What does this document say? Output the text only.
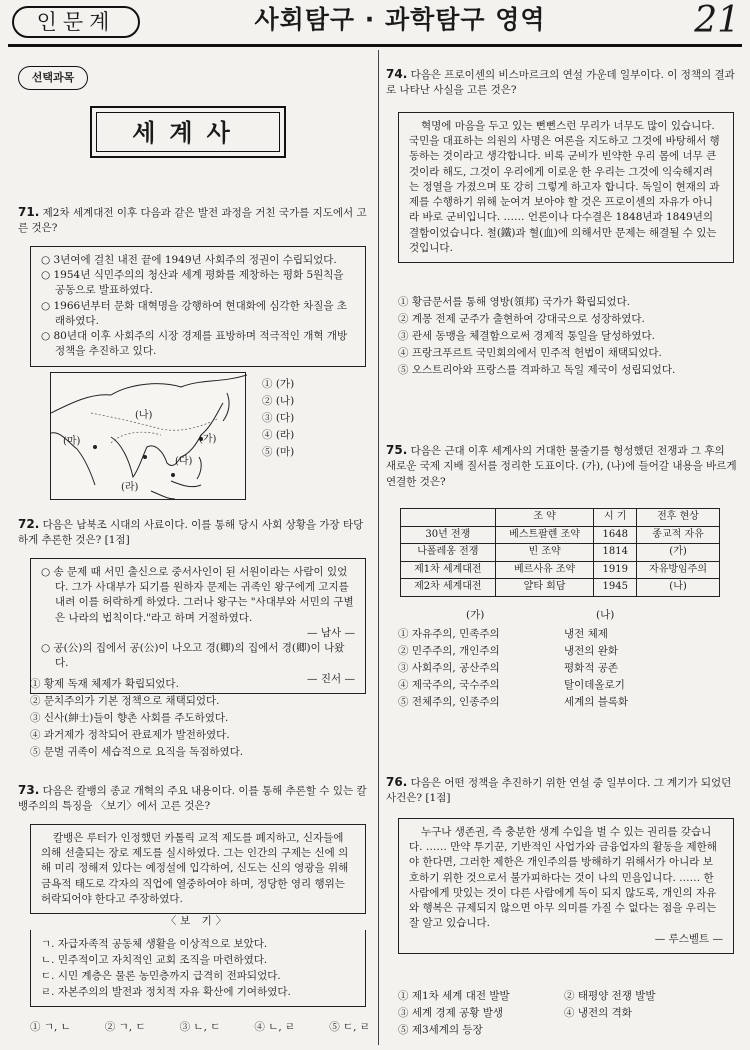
인문계	사회탐구 · 과학탐구 영역	21
선택과목
세계사
71. 제2차 세계대전 이후 다음과 같은 발전 과정을 거친 국가를 지도에서 고른 것은?
○ 3년여에 걸친 내전 끝에 1949년 사회주의 정권이 수립되었다.
○ 1954년 식민주의의 청산과 세계 평화를 제창하는 평화 5원칙을 공동으로 발표하였다.
○ 1966년부터 문화 대혁명을 강행하여 현대화에 심각한 차질을 초래하였다.
○ 80년대 이후 사회주의 시장 경제를 표방하며 적극적인 개혁 개방 정책을 추진하고 있다.
(나)
(가)
(마)
(다)
(라)
① (가)
② (나)
③ (다)
④ (라)
⑤ (마)
72. 다음은 남북조 시대의 사료이다. 이를 통해 당시 사회 상황을 가장 타당하게 추론한 것은? [1점]
○ 송 문제 때 서민 출신으로 중서사인이 된 서원이라는 사람이 있었다. 그가 사대부가 되기를 원하자 문제는 귀족인 왕구에게 고지를 내려 이를 허락하게 하였다. 그러나 왕구는 "사대부와 서민의 구별은 나라의 법칙이다."라고 하며 거절하였다.
— 남사 —
○ 공(公)의 집에서 공(公)이 나오고 경(卿)의 집에서 경(卿)이 나왔다.
— 진서 —
① 황제 독재 체제가 확립되었다.
② 문치주의가 기본 정책으로 채택되었다.
③ 신사(紳士)들이 향촌 사회를 주도하였다.
④ 과거제가 정착되어 관료제가 발전하였다.
⑤ 문벌 귀족이 세습적으로 요직을 독점하였다.
73. 다음은 칼뱅의 종교 개혁의 주요 내용이다. 이를 통해 추론할 수 있는 칼뱅주의의 특징을 〈보기〉에서 고른 것은?
칼뱅은 루터가 인정했던 카톨릭 교적 제도를 폐지하고, 신자들에 의해 선출되는 장로 제도를 실시하였다. 그는 인간의 구제는 신에 의해 미리 정해져 있다는 예정설에 입각하여, 신도는 신의 영광을 위해 금욕적 태도로 각자의 직업에 열중하여야 하며, 정당한 영리 행위는 허락되어야 한다고 주장하였다.
〈보 기〉
ㄱ. 자급자족적 공동체 생활을 이상적으로 보았다.
ㄴ. 민주적이고 자치적인 교회 조직을 마련하였다.
ㄷ. 시민 계층은 물론 농민층까지 급격히 전파되었다.
ㄹ. 자본주의의 발전과 정치적 자유 확산에 기여하였다.
① ㄱ, ㄴ	② ㄱ, ㄷ	③ ㄴ, ㄷ	④ ㄴ, ㄹ	⑤ ㄷ, ㄹ
74. 다음은 프로이센의 비스마르크의 연설 가운데 일부이다. 이 정책의 결과로 나타난 사실을 고른 것은?
혁명에 마음을 두고 있는 뻔뻔스런 무리가 너무도 많이 있습니다. 국민을 대표하는 의원의 사명은 여론을 지도하고 그것에 바탕해서 행동하는 것이라고 생각합니다. 비록 군비가 빈약한 우리 몸에 너무 큰것이라 해도, 그것이 우리에게 이로운 한 우리는 그것에 익숙해지려는 정열을 가졌으며 또 강히 그렇게 하고자 합니다. 독일이 현재의 과제를 수행하기 위해 눈여겨 보아야 할 것은 프로이센의 자유가 아니라 바로 군비입니다. …… 언론이나 다수결은 1848년과 1849년의 결함이었습니다. 철(鐵)과 혈(血)에 의해서만 문제는 해결될 수 있는 것입니다.
① 황금문서를 통해 영방(領邦) 국가가 확립되었다.
② 계몽 전제 군주가 출현하여 강대국으로 성장하였다.
③ 관세 동맹을 체결함으로써 경제적 통일을 달성하였다.
④ 프랑크푸르트 국민회의에서 민주적 헌법이 채택되었다.
⑤ 오스트리아와 프랑스를 격파하고 독일 제국이 성립되었다.
75. 다음은 근대 이후 세계사의 거대한 물줄기를 형성했던 전쟁과 그 후의 새로운 국제 지배 질서를 정리한 도표이다. (가), (나)에 들어갈 내용을 바르게 연결한 것은?
	조 약	시 기	전후 현상
30년 전쟁	베스트팔렌 조약	1648	종교적 자유
나폴레옹 전쟁	빈 조약	1814	(가)
제1차 세계대전	베르사유 조약	1919	자유방임주의
제2차 세계대전	얄타 회담	1945	(나)
(가)	(나)
① 자유주의, 민족주의	냉전 체제
② 민주주의, 개인주의	냉전의 완화
③ 사회주의, 공산주의	평화적 공존
④ 제국주의, 국수주의	탈이데올로기
⑤ 전체주의, 인종주의	세계의 블록화
76. 다음은 어떤 정책을 추진하기 위한 연설 중 일부이다. 그 계기가 되었던 사건은? [1점]
누구나 생존권, 즉 충분한 생계 수입을 벌 수 있는 권리를 갖습니다. …… 만약 투기꾼, 기반적인 사업가와 금융업자의 활동을 제한해야 한다면, 그러한 제한은 개인주의를 방해하기 위해서가 아니라 보호하기 위한 것으로서 불가피하다는 것이 나의 민음입니다. …… 한 사람에게 맛있는 것이 다른 사람에게 독이 되지 않도록, 개인의 자유와 행복은 규제되지 않으면 아무 의미를 가질 수 없다는 점을 우리는 잘 알고 있습니다.
— 루스벨트 —
① 제1차 세계 대전 발발	② 태평양 전쟁 발발
③ 세계 경제 공황 발생	④ 냉전의 격화
⑤ 제3세계의 등장
